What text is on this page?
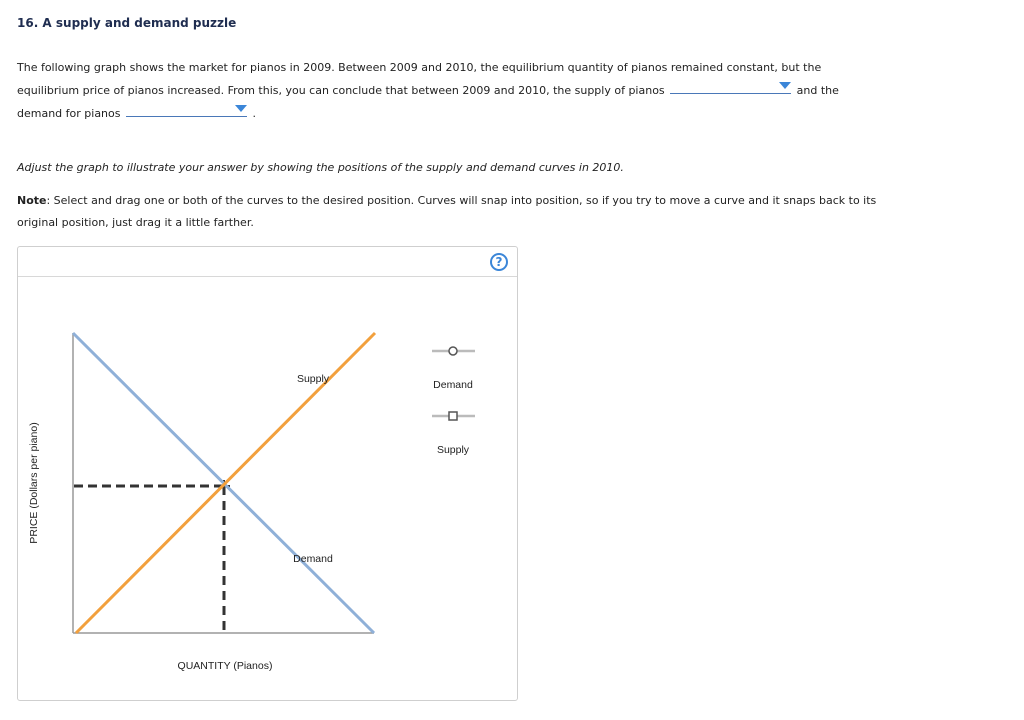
16. A supply and demand puzzle
The following graph shows the market for pianos in 2009. Between 2009 and 2010, the equilibrium quantity of pianos remained constant, but the equilibrium price of pianos increased. From this, you can conclude that between 2009 and 2010, the supply of pianos	and the demand for pianos	.
Adjust the graph to illustrate your answer by showing the positions of the supply and demand curves in 2010.
Note: Select and drag one or both of the curves to the desired position. Curves will snap into position, so if you try to move a curve and it snaps back to its original position, just drag it a little farther.
?
Supply
Demand
QUANTITY (Pianos)
PRICE (Dollars per piano)
Demand
Supply
